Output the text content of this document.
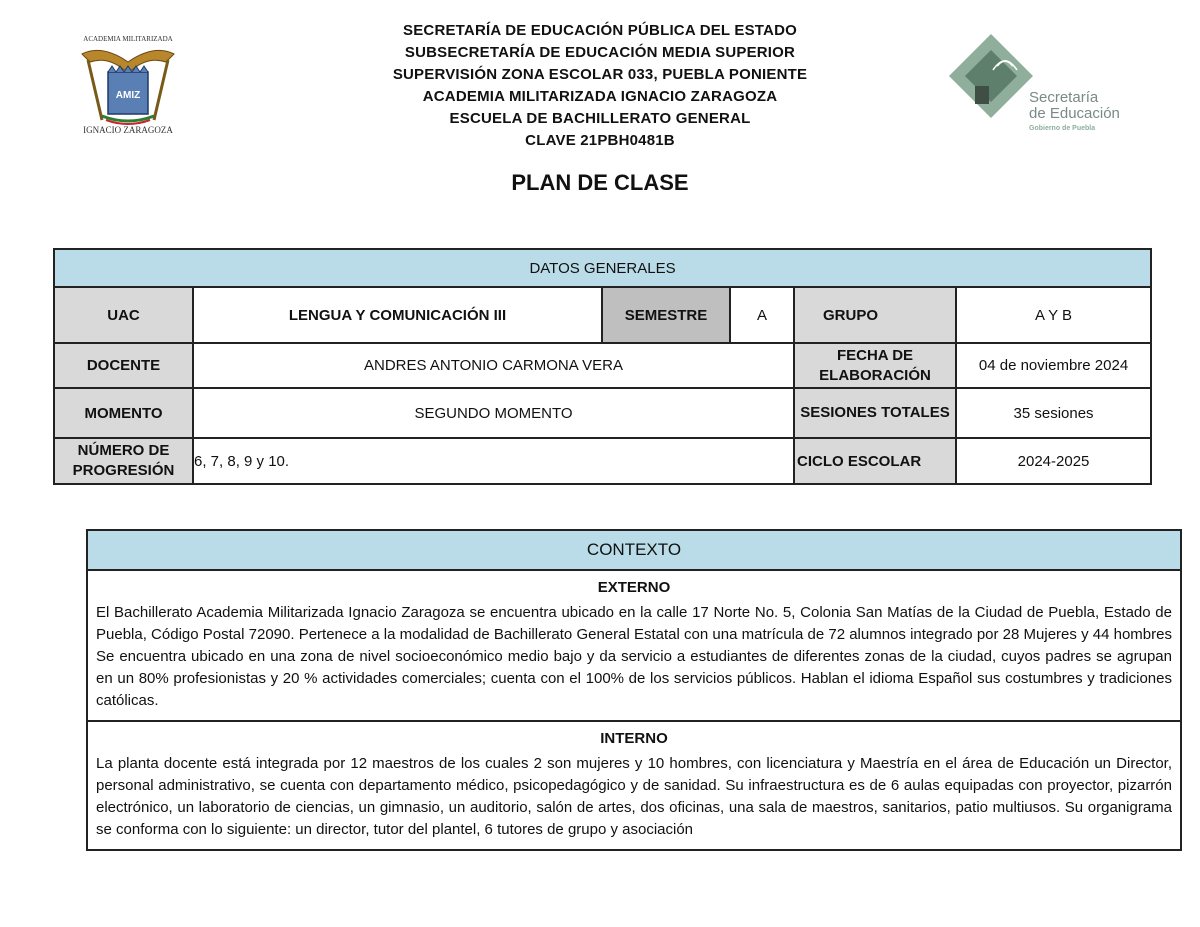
ACADEMIA MILITARIZADA
AMIZ
IGNACIO ZARAGOZA
SECRETARÍA DE EDUCACIÓN PÚBLICA DEL ESTADO
SUBSECRETARÍA DE EDUCACIÓN MEDIA SUPERIOR
SUPERVISIÓN ZONA ESCOLAR 033, PUEBLA PONIENTE
ACADEMIA MILITARIZADA IGNACIO ZARAGOZA
ESCUELA DE BACHILLERATO GENERAL
CLAVE 21PBH0481B
Secretaría
de Educación
Gobierno de Puebla
PLAN DE CLASE
DATOS GENERALES					
UAC	LENGUA Y COMUNICACIÓN III	SEMESTRE	A	GRUPO	A Y B
DOCENTE	ANDRES ANTONIO CARMONA VERA			FECHA DE ELABORACIÓN	04 de noviembre 2024
MOMENTO	SEGUNDO MOMENTO			SESIONES TOTALES	35 sesiones
NÚMERO DE PROGRESIÓN	6, 7, 8, 9 y 10.			CICLO ESCOLAR	2024-2025
CONTEXTO
EXTERNO
El Bachillerato Academia Militarizada Ignacio Zaragoza se encuentra ubicado en la calle 17 Norte No. 5, Colonia San Matías de la Ciudad de Puebla, Estado de Puebla, Código Postal 72090. Pertenece a la modalidad de Bachillerato General Estatal con una matrícula de 72 alumnos integrado por 28 Mujeres y 44 hombres Se encuentra ubicado en una zona de nivel socioeconómico medio bajo y da servicio a estudiantes de diferentes zonas de la ciudad, cuyos padres se agrupan en un 80% profesionistas y 20 % actividades comerciales; cuenta con el 100% de los servicios públicos. Hablan el idioma Español sus costumbres y tradiciones católicas.
INTERNO
La planta docente está integrada por 12 maestros de los cuales 2 son mujeres y 10 hombres, con licenciatura y Maestría en el área de Educación un Director, personal administrativo, se cuenta con departamento médico, psicopedagógico y de sanidad. Su infraestructura es de 6 aulas equipadas con proyector, pizarrón electrónico, un laboratorio de ciencias, un gimnasio, un auditorio, salón de artes, dos oficinas, una sala de maestros, sanitarios, patio multiusos. Su organigrama se conforma con lo siguiente: un director, tutor del plantel, 6 tutores de grupo y asociación
